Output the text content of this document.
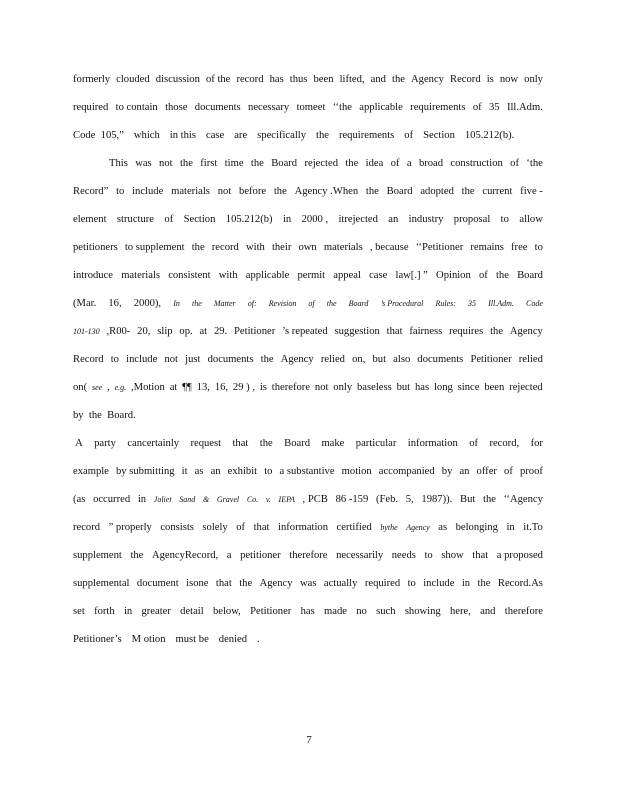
formerly clouded discussion of the record has thus been lifted, and the Agency Record is now only
required to contain those documents necessary tomeet ‘‘the applicable requirements of 35 Ill.Adm.
Code  105,” which in this case are specifically the requirements of Section 105.212(b).
This was not the first time the Board rejected the idea of a broad construction of ‘the
Record” to include materials not before the Agency .When the Board adopted the current five -
element structure of Section 105.212(b) in 2000 , itrejected an industry proposal to allow
petitioners to supplement the record with their own materials , because ‘‘Petitioner remains free to
introduce materials consistent with applicable permit appeal case law[.] ” Opinion of the Board
(Mar. 16, 2000), In the Matter of: Revision of the Board ’s Procedural Rules: 35 Ill.Adm. Code
101-130 ,R00- 20, slip op. at 29. Petitioner ’s repeated suggestion that fairness requires the Agency
Record to include not just documents the Agency relied on, but also documents Petitioner relied
on( see , e.g. ,Motion at ¶¶ 13, 16, 29 ) , is therefore not only baseless but has long since been rejected
by  the  Board.
A party cancertainly request that the Board make particular information of record, for
example by submitting it as an exhibit to a substantive motion accompanied by an offer of proof
(as occurred in Joliet Sand & Gravel Co. v. IEPA , PCB 86 -159 (Feb. 5, 1987)). But the ‘‘Agency
record ” properly consists solely of that information certified bythe Agency as belonging in it.To
supplement the AgencyRecord, a petitioner therefore necessarily needs to show that a proposed
supplemental document isone that the Agency was actually required to include in the Record.As
set forth in greater detail below, Petitioner has made no such showing here, and therefore
Petitioner’s M otion must be denied .
7
